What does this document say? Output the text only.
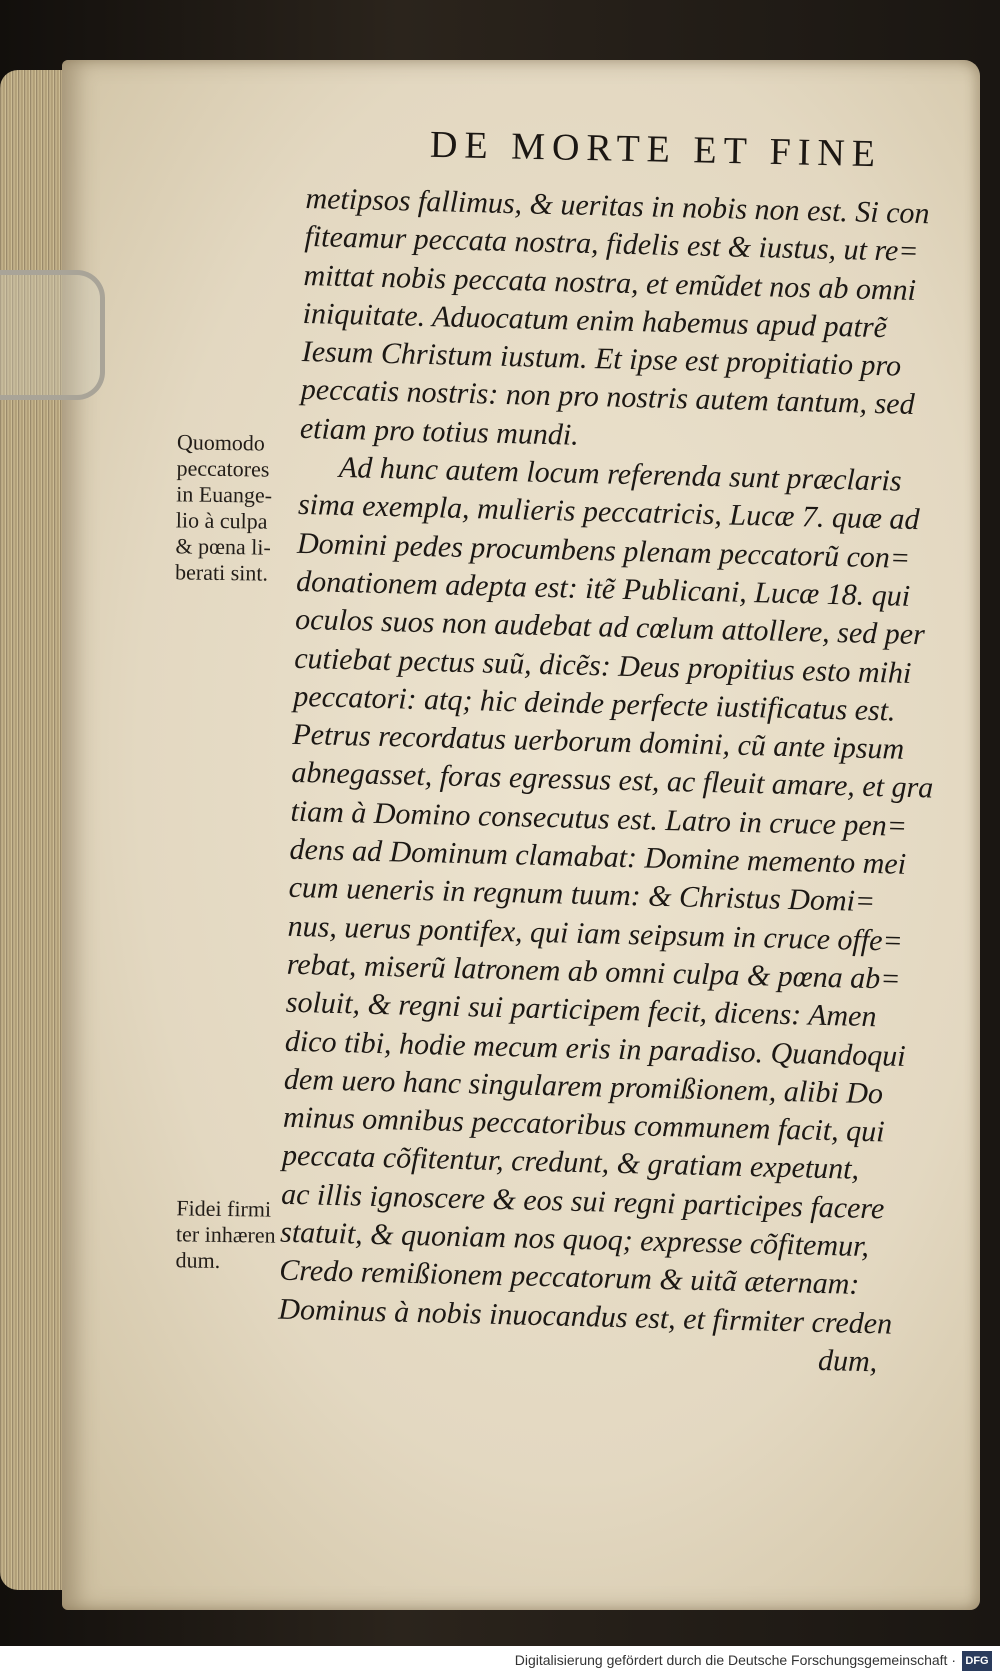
DE MORTE ET FINE
Quomodo
peccatores
in Euange-
lio à culpa
& pœna li-
berati sint.
Fidei firmi
ter inhæren
dum.
metipsos fallimus, & ueritas in nobis non est. Si con
fiteamur peccata nostra, fidelis est & iustus, ut re=
mittat nobis peccata nostra, et emũdet nos ab omni
iniquitate. Aduocatum enim habemus apud patrẽ
Iesum Christum iustum. Et ipse est propitiatio pro
peccatis nostris: non pro nostris autem tantum, sed
etiam pro totius mundi.
Ad hunc autem locum referenda sunt præclaris
sima exempla, mulieris peccatricis, Lucæ 7. quæ ad
Domini pedes procumbens plenam peccatorũ con=
donationem adepta est: itẽ Publicani, Lucæ 18. qui
oculos suos non audebat ad cœlum attollere, sed per
cutiebat pectus suũ, dicẽs: Deus propitius esto mihi
peccatori: atq; hic deinde perfecte iustificatus est.
Petrus recordatus uerborum domini, cũ ante ipsum
abnegasset, foras egressus est, ac fleuit amare, et gra
tiam à Domino consecutus est. Latro in cruce pen=
dens ad Dominum clamabat: Domine memento mei
cum ueneris in regnum tuum: & Christus Domi=
nus, uerus pontifex, qui iam seipsum in cruce offe=
rebat, miserũ latronem ab omni culpa & pœna ab=
soluit, & regni sui participem fecit, dicens: Amen
dico tibi, hodie mecum eris in paradiso. Quandoqui
dem uero hanc singularem promißionem, alibi Do
minus omnibus peccatoribus communem facit, qui
peccata cõfitentur, credunt, & gratiam expetunt,
ac illis ignoscere & eos sui regni participes facere
statuit, & quoniam nos quoq; expresse cõfitemur,
Credo remißionem peccatorum & uitã æternam:
Dominus à nobis inuocandus est, et firmiter creden
dum,
Digitalisierung gefördert durch die Deutsche Forschungsgemeinschaft · DFG
